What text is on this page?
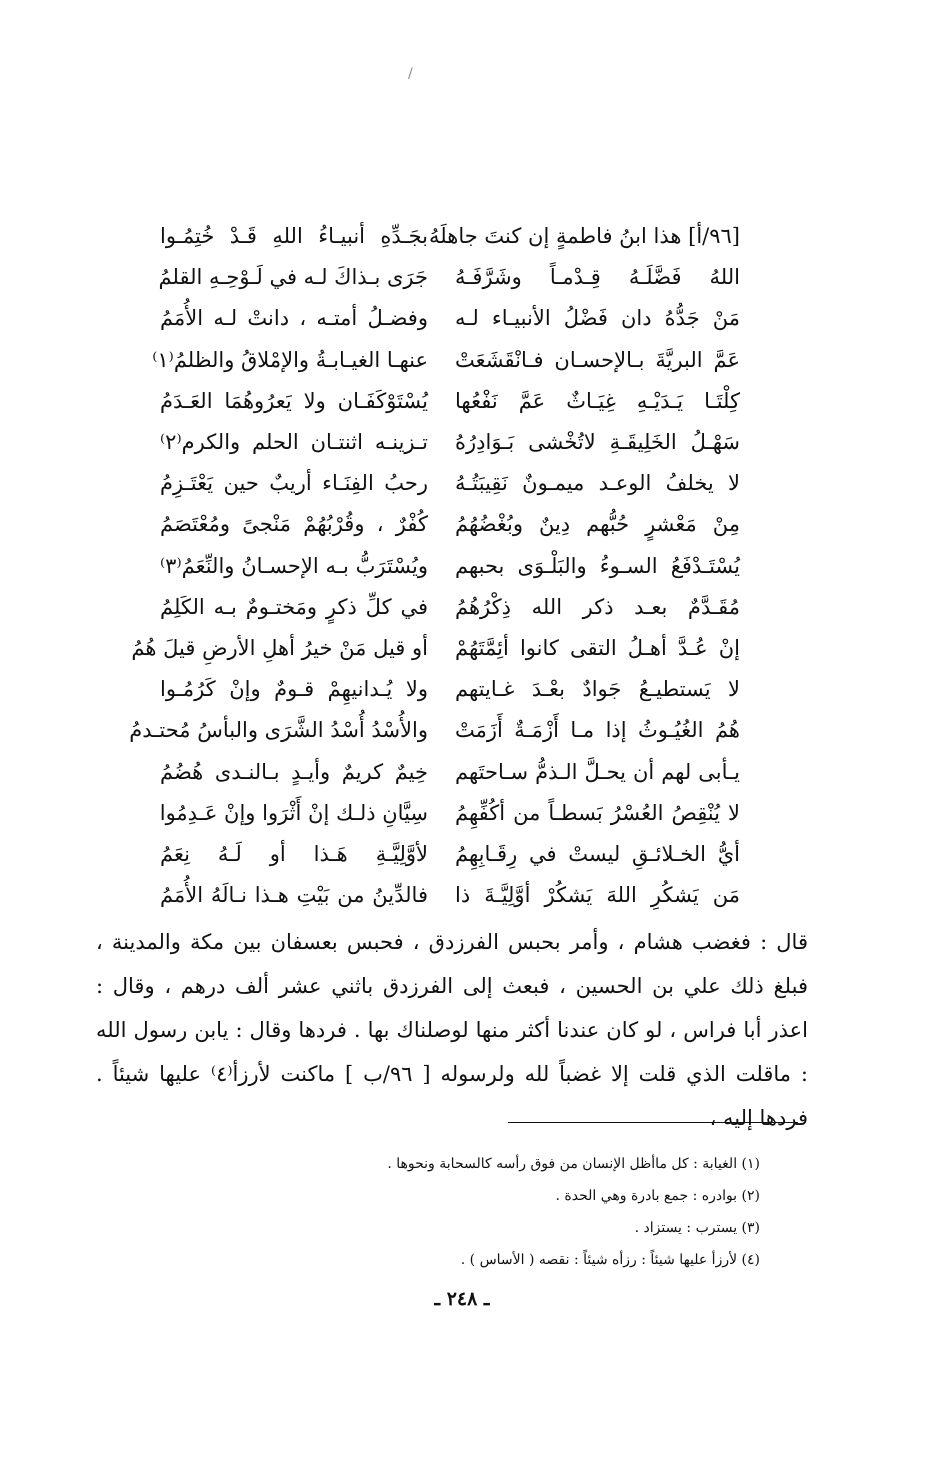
/
[٩٦/أ] هذا ابنُ فاطمةٍ إن كنتَ جاهلَهُ
بجَـدِّهِ أنبيـاءُ اللهِ قَـدْ خُتِمُـوا
اللهُ فَضَّلَـهُ قِـدْمـاً وشَرَّفَـهُ
جَرَى بـذاكَ لـه في لَـوْحِـهِ القلمُ
مَنْ جَدُّهُ دان فَضْلُ الأنبيـاء لـه
وفضـلُ أمتـه ، دانتْ لـه الأُمَمُ
عَمَّ البريَّةَ بـالإحسـان فـانْقَشَعَتْ
عنهـا الغيـابـةُ والإمْلاقُ والظلمُ⁽١⁾
كِلْتَـا يَـدَيْـهِ غِيَـاثٌ عَمَّ نَفْعُها
يُسْتَوْكَفَـان ولا يَعرُوهُمَا العَـدَمُ
سَهْـلُ الخَلِيقَـةِ لاتُخْشى بَـوَادِرُهُ
تـزينـه اثنتـان الحلم والكرم⁽٢⁾
لا يخلفُ الوعـد ميمـونٌ نَقِيبَتُـهُ
رحبُ الفِنَـاء أريبٌ حين يَعْتَـزِمُ
مِنْ مَعْشرٍ حُبُّهم دِينٌ وبُغْضُهُمُ
كُفْرٌ ، وقُرْبُهُمْ مَنْجىً ومُعْتَصَمُ
يُسْتَـدْفَعُ السـوءُ والبَلْـوَى بحبهم
ويُسْتَرَبُّ بـه الإحسـانُ والنِّعَمُ⁽٣⁾
مُقَـدَّمٌ بعـد ذكر الله ذِكْرُهُمُ
في كلِّ ذكرٍ ومَختـومٌ بـه الكَلِمُ
إنْ عُـدَّ أهـلُ التقى كانوا أئِمَّتَهُمْ
أو قيل مَنْ خيرُ أهلِ الأرضِ قيلَ هُمُ
لا يَستطيـعُ جَوادٌ بعْـدَ غـايتهم
ولا يُـدانيهِمْ قـومٌ وإنْ كَرُمُـوا
هُمُ الغُيُـوثُ إذا مـا أَزْمَـةٌ أَزَمَتْ
والأُسْدُ أُسْدُ الشَّرَى والبأسُ مُحتـدمُ
يـأبى لهم أن يحـلَّ الـذمُّ سـاحتَهم
خِيمٌ كريمٌ وأيـدٍ بـالنـدى هُضُمُ
لا يُنْقِصُ العُسْرُ بَسطـاً من أكُفِّهِمُ
سِيَّانِ ذلـك إنْ أَثْرَوا وإنْ عَـدِمُوا
أيُّ الخـلائـقِ ليستْ في رِقَـابِهِمُ
لأوَّلِيَّـةِ هَـذا أو لَـهُ نِعَمُ
مَن يَشكُرِ اللهَ يَشكُرْ أوَّلِيَّـةَ ذا
فالدِّينُ من بَيْتِ هـذا نـالَهُ الأُمَمُ
قال : فغضب هشام ، وأمر بحبس الفرزدق ، فحبس بعسفان بين مكة والمدينة ، فبلغ ذلك علي بن الحسين ، فبعث إلى الفرزدق باثني عشر ألف درهم ، وقال : اعذر أبا فراس ، لو كان عندنا أكثر منها لوصلناك بها . فردها وقال : يابن رسول الله : ماقلت الذي قلت إلا غضباً لله ولرسوله [ ٩٦/ب ] ماكنت لأرزأ⁽٤⁾ عليها شيئاً . فردها إليه ،
(١) الغيابة : كل ماأظل الإنسان من فوق رأسه كالسحابة ونحوها .
(٢) بوادره : جمع بادرة وهي الحدة .
(٣) يسترب : يستزاد .
(٤) لأرزأ عليها شيئاً : رزأه شيئاً : نقصه ( الأساس ) .
ـ ٢٤٨ ـ
